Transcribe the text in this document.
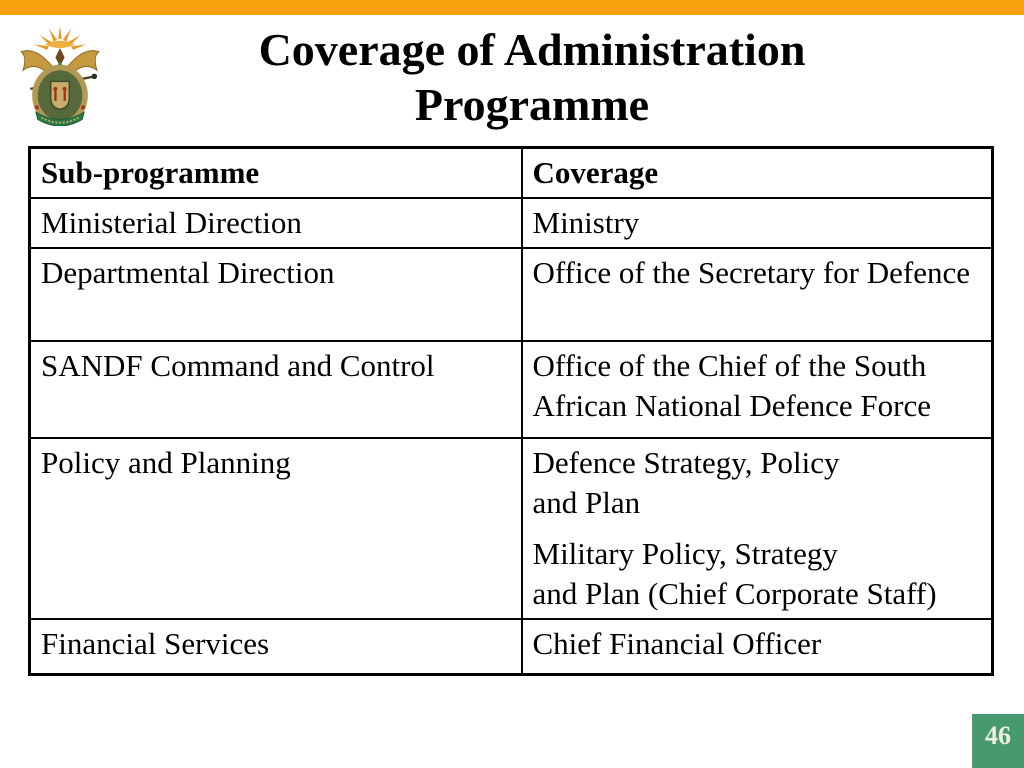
Coverage of Administration
Programme
Sub-programme	Coverage
Ministerial Direction	Ministry
Departmental Direction	Office of the Secretary for Defence
SANDF Command and Control	Office of the Chief of the South African National Defence Force
Policy and Planning	Defence Strategy, Policy
and Plan
Military Policy, Strategy
and Plan (Chief Corporate Staff)

Financial Services	Chief Financial Officer
46
